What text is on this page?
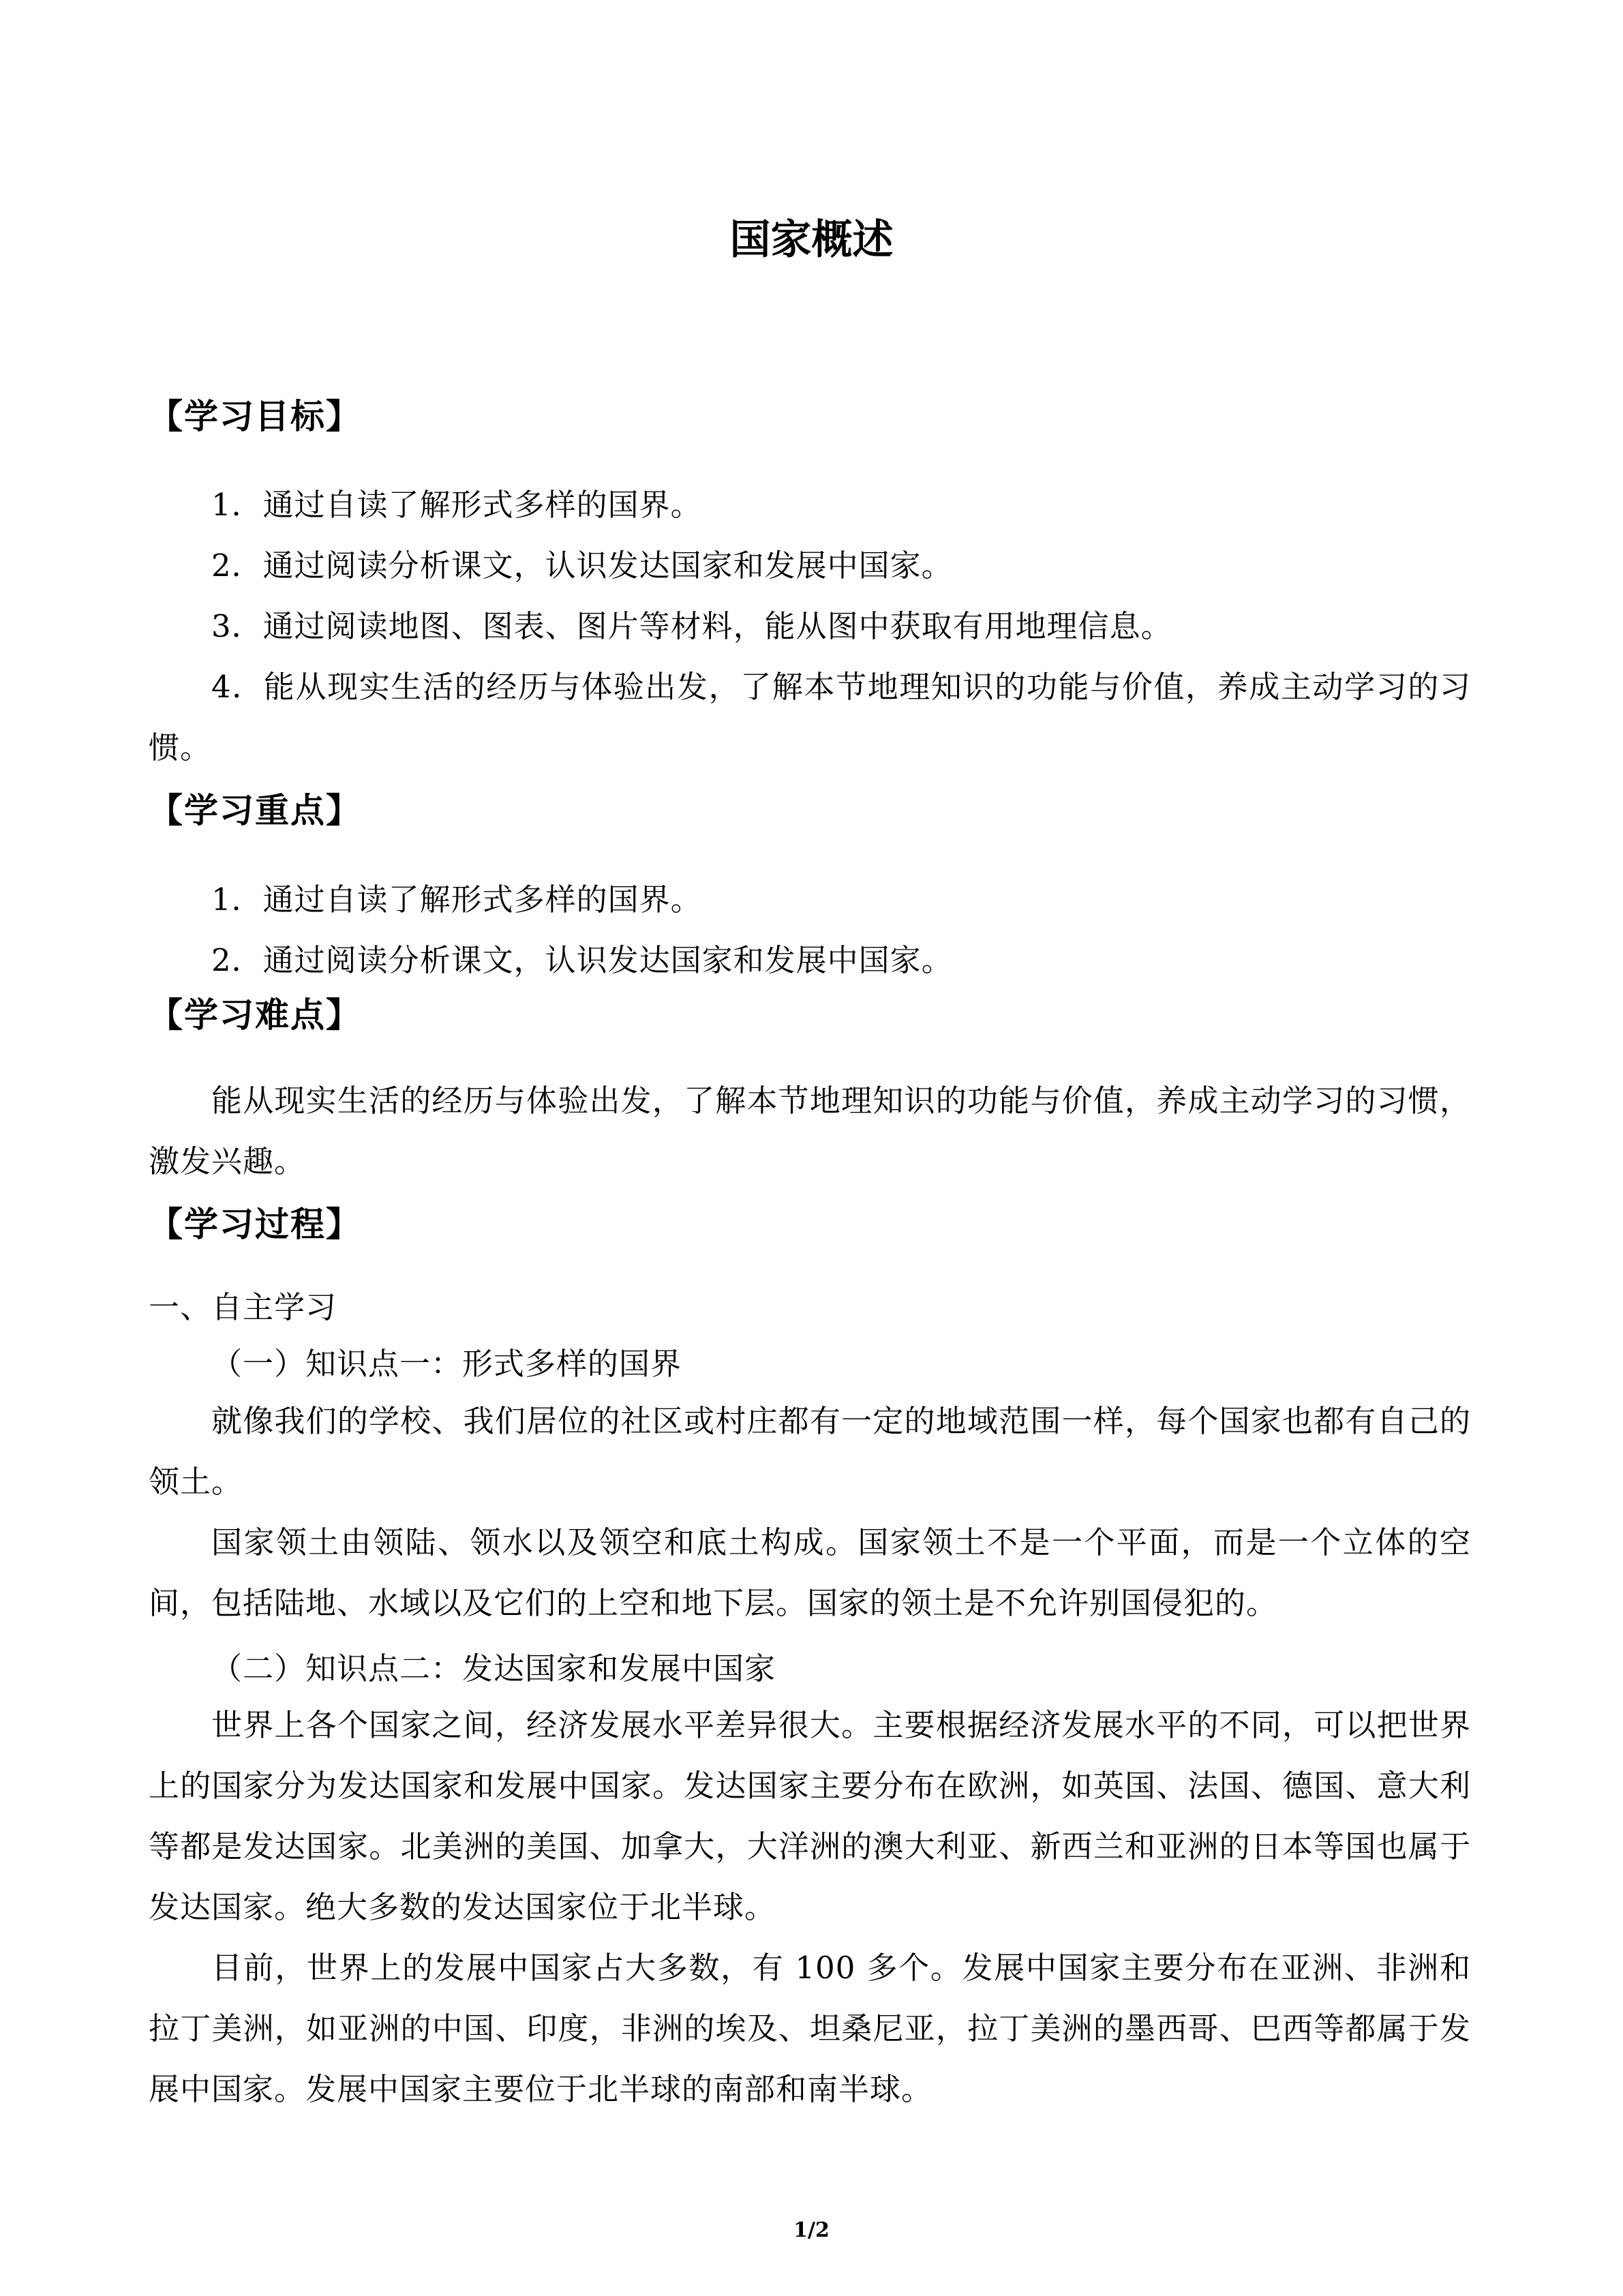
国家概述
【学习目标】
1．通过自读了解形式多样的国界。
2．通过阅读分析课文，认识发达国家和发展中国家。
3．通过阅读地图、图表、图片等材料，能从图中获取有用地理信息。
4．能从现实生活的经历与体验出发，了解本节地理知识的功能与价值，养成主动学习的习惯。
【学习重点】
1．通过自读了解形式多样的国界。
2．通过阅读分析课文，认识发达国家和发展中国家。
【学习难点】
能从现实生活的经历与体验出发，了解本节地理知识的功能与价值，养成主动学习的习惯，激发兴趣。
【学习过程】
一、自主学习
（一）知识点一：形式多样的国界
就像我们的学校、我们居位的社区或村庄都有一定的地域范围一样，每个国家也都有自己的领土。
国家领土由领陆、领水以及领空和底土构成。国家领土不是一个平面，而是一个立体的空间，包括陆地、水域以及它们的上空和地下层。国家的领土是不允许别国侵犯的。
（二）知识点二：发达国家和发展中国家
世界上各个国家之间，经济发展水平差异很大。主要根据经济发展水平的不同，可以把世界上的国家分为发达国家和发展中国家。发达国家主要分布在欧洲，如英国、法国、德国、意大利等都是发达国家。北美洲的美国、加拿大，大洋洲的澳大利亚、新西兰和亚洲的日本等国也属于发达国家。绝大多数的发达国家位于北半球。
目前，世界上的发展中国家占大多数，有 100 多个。发展中国家主要分布在亚洲、非洲和拉丁美洲，如亚洲的中国、印度，非洲的埃及、坦桑尼亚，拉丁美洲的墨西哥、巴西等都属于发展中国家。发展中国家主要位于北半球的南部和南半球。
1/2
